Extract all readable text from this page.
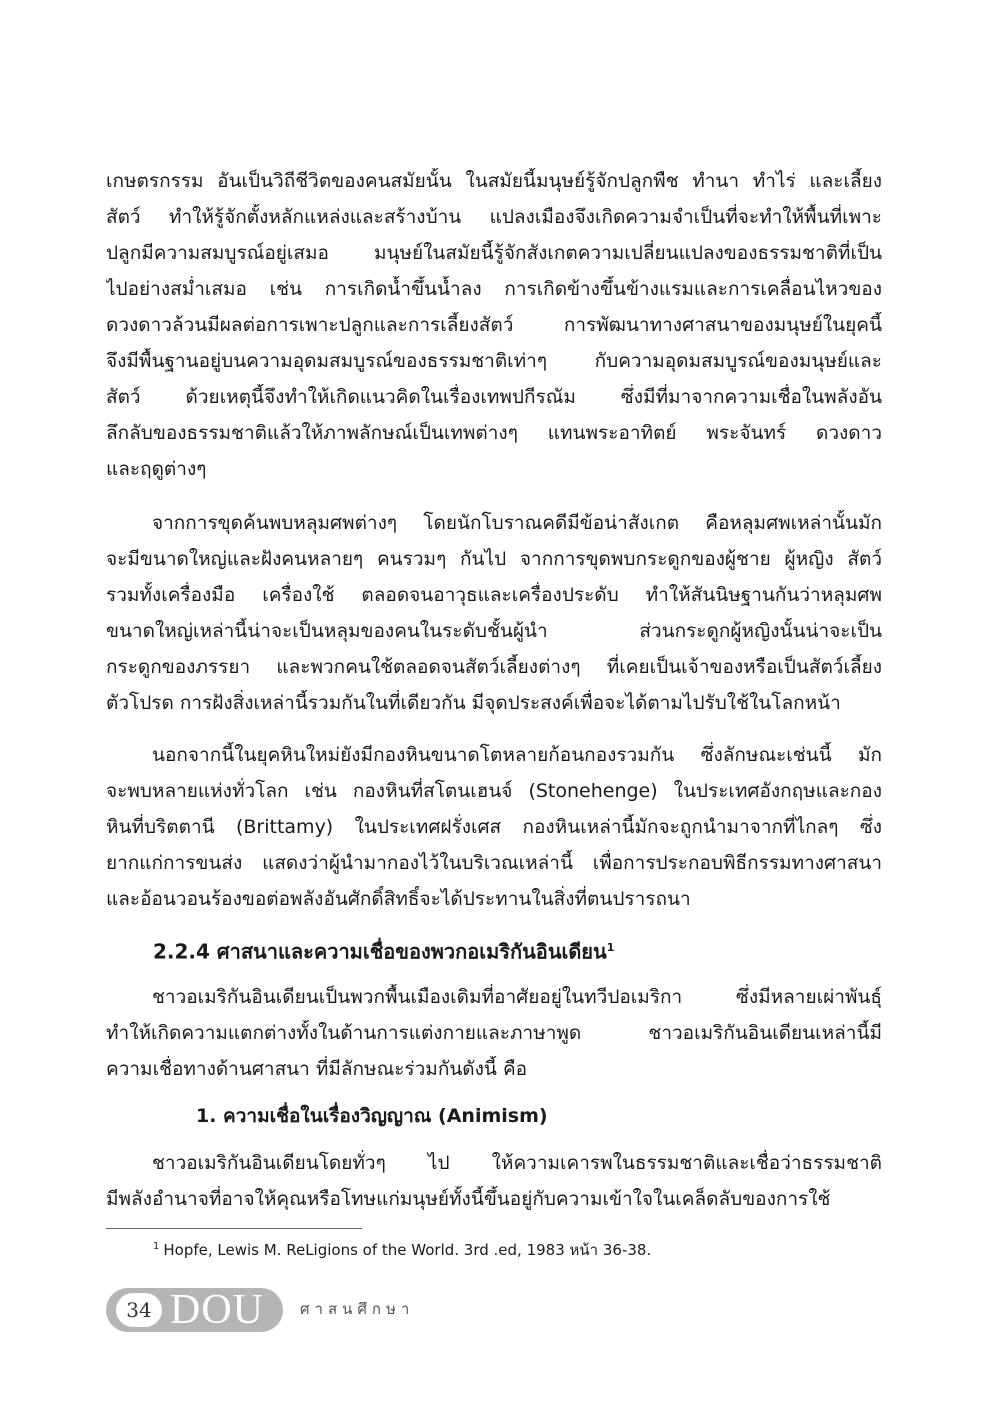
เกษตรกรรม อันเป็นวิถีชีวิตของคนสมัยนั้น ในสมัยนี้มนุษย์รู้จักปลูกพืช ทำนา ทำไร่ และเลี้ยง
สัตว์ ทำให้รู้จักตั้งหลักแหล่งและสร้างบ้าน แปลงเมืองจึงเกิดความจำเป็นที่จะทำให้พื้นที่เพาะ
ปลูกมีความสมบูรณ์อยู่เสมอ มนุษย์ในสมัยนี้รู้จักสังเกตความเปลี่ยนแปลงของธรรมชาติที่เป็น
ไปอย่างสม่ำเสมอ เช่น การเกิดน้ำขึ้นน้ำลง การเกิดข้างขึ้นข้างแรมและการเคลื่อนไหวของ
ดวงดาวล้วนมีผลต่อการเพาะปลูกและการเลี้ยงสัตว์ การพัฒนาทางศาสนาของมนุษย์ในยุคนี้
จึงมีพื้นฐานอยู่บนความอุดมสมบูรณ์ของธรรมชาติเท่าๆ กับความอุดมสมบูรณ์ของมนุษย์และ
สัตว์ ด้วยเหตุนี้จึงทำให้เกิดแนวคิดในเรื่องเทพปกีรณัม ซึ่งมีที่มาจากความเชื่อในพลังอัน
ลึกลับของธรรมชาติแล้วให้ภาพลักษณ์เป็นเทพต่างๆ แทนพระอาทิตย์ พระจันทร์ ดวงดาว
และฤดูต่างๆ
จากการขุดค้นพบหลุมศพต่างๆ โดยนักโบราณคดีมีข้อน่าสังเกต คือหลุมศพเหล่านั้นมัก
จะมีขนาดใหญ่และฝังคนหลายๆ คนรวมๆ กันไป จากการขุดพบกระดูกของผู้ชาย ผู้หญิง สัตว์
รวมทั้งเครื่องมือ เครื่องใช้ ตลอดจนอาวุธและเครื่องประดับ ทำให้สันนิษฐานกันว่าหลุมศพ
ขนาดใหญ่เหล่านี้น่าจะเป็นหลุมของคนในระดับชั้นผู้นำ ส่วนกระดูกผู้หญิงนั้นน่าจะเป็น
กระดูกของภรรยา และพวกคนใช้ตลอดจนสัตว์เลี้ยงต่างๆ ที่เคยเป็นเจ้าของหรือเป็นสัตว์เลี้ยง
ตัวโปรด การฝังสิ่งเหล่านี้รวมกันในที่เดียวกัน มีจุดประสงค์เพื่อจะได้ตามไปรับใช้ในโลกหน้า
นอกจากนี้ในยุคหินใหม่ยังมีกองหินขนาดโตหลายก้อนกองรวมกัน ซึ่งลักษณะเช่นนี้ มัก
จะพบหลายแห่งทั่วโลก เช่น กองหินที่สโตนเฮนจ์ (Stonehenge) ในประเทศอังกฤษและกอง
หินที่บริตตานี (Brittamy) ในประเทศฝรั่งเศส กองหินเหล่านี้มักจะถูกนำมาจากที่ไกลๆ ซึ่ง
ยากแก่การขนส่ง แสดงว่าผู้นำมากองไว้ในบริเวณเหล่านี้ เพื่อการประกอบพิธีกรรมทางศาสนา
และอ้อนวอนร้องขอต่อพลังอันศักดิ์สิทธิ์จะได้ประทานในสิ่งที่ตนปรารถนา
2.2.4 ศาสนาและความเชื่อของพวกอเมริกันอินเดียน$^1$
ชาวอเมริกันอินเดียนเป็นพวกพื้นเมืองเดิมที่อาศัยอยู่ในทวีปอเมริกา ซึ่งมีหลายเผ่าพันธุ์
ทำให้เกิดความแตกต่างทั้งในด้านการแต่งกายและภาษาพูด ชาวอเมริกันอินเดียนเหล่านี้มี
ความเชื่อทางด้านศาสนา ที่มีลักษณะร่วมกันดังนี้ คือ
1. ความเชื่อในเรื่องวิญญาณ (Animism)
ชาวอเมริกันอินเดียนโดยทั่วๆ ไป ให้ความเคารพในธรรมชาติและเชื่อว่าธรรมชาติ
มีพลังอำนาจที่อาจให้คุณหรือโทษแก่มนุษย์ทั้งนี้ขึ้นอยู่กับความเข้าใจในเคล็ดลับของการใช้
$^1$ Hopfe, Lewis M. ReLigions of the World. 3rd .ed, 1983 หน้า 36-38.
34 DOU ศาสนศึกษา
